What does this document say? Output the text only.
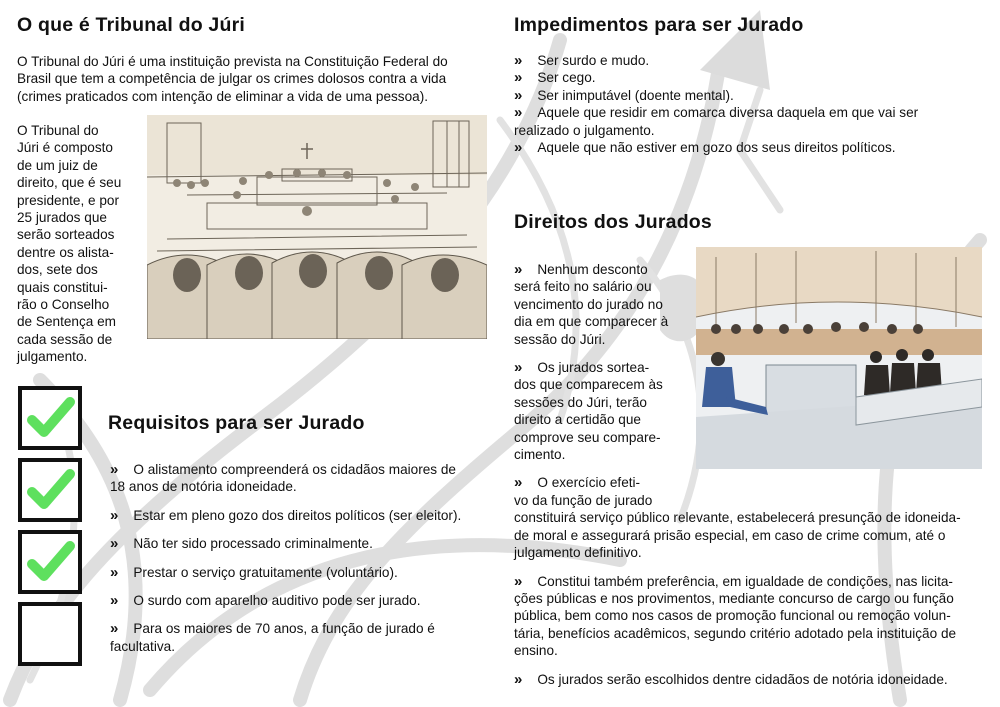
O que é Tribunal do Júri
O Tribunal do Júri é uma instituição prevista na Constituição Federal do
Brasil que tem a competência de julgar os crimes dolosos contra a vida
(crimes praticados com intenção de eliminar a vida de uma pessoa).
O Tribunal do
Júri é composto
de um juiz de
direito, que é seu
presidente, e por
25 jurados que
serão sorteados
dentre os alista-
dos, sete dos
quais constitui-
rão o Conselho
de Sentença em
cada sessão de
julgamento.
Requisitos para ser Jurado
» O alistamento compreenderá os cidadãos maiores de
18 anos de notória idoneidade.
» Estar em pleno gozo dos direitos políticos (ser eleitor).
» Não ter sido processado criminalmente.
» Prestar o serviço gratuitamente (voluntário).
» O surdo com aparelho auditivo pode ser jurado.
» Para os maiores de 70 anos, a função de jurado é
facultativa.
Impedimentos para ser Jurado
» Ser surdo e mudo.
» Ser cego.
» Ser inimputável (doente mental).
» Aquele que residir em comarca diversa daquela em que vai ser
realizado o julgamento.
» Aquele que não estiver em gozo dos seus direitos políticos.
Direitos dos Jurados
» Nenhum desconto
será feito no salário ou
vencimento do jurado no
dia em que comparecer à
sessão do Júri.
» Os jurados sortea-
dos que comparecem às
sessões do Júri, terão
direito a certidão que
comprove seu compare-
cimento.
» O exercício efeti-
vo da função de jurado
constituirá serviço público relevante, estabelecerá presunção de idoneida-
de moral e assegurará prisão especial, em caso de crime comum, até o
julgamento definitivo.
» Constitui também preferência, em igualdade de condições, nas licita-
ções públicas e nos provimentos, mediante concurso de cargo ou função
pública, bem como nos casos de promoção funcional ou remoção volun-
tária, benefícios acadêmicos, segundo critério adotado pela instituição de
ensino.
» Os jurados serão escolhidos dentre cidadãos de notória idoneidade.
